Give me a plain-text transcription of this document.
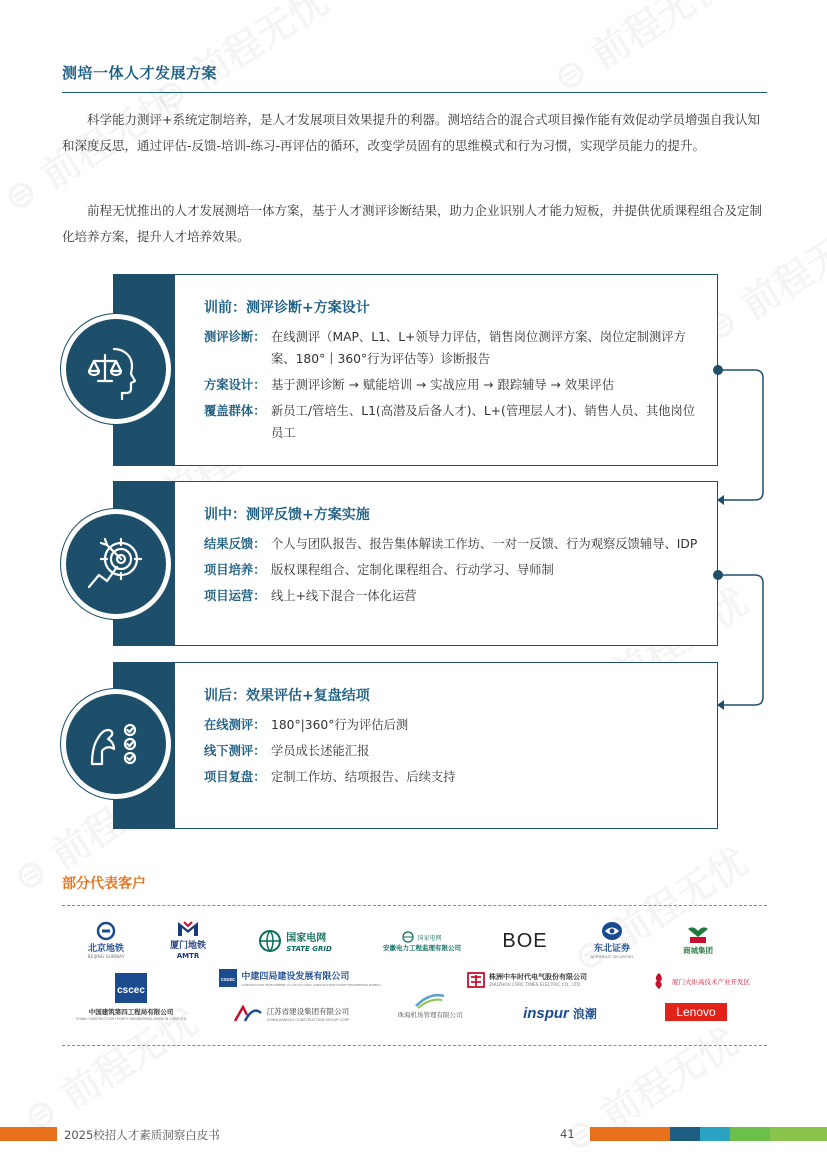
测培一体人才发展方案
科学能力测评+系统定制培养，是人才发展项目效果提升的利器。测培结合的混合式项目操作能有效促动学员增强自我认知和深度反思，通过评估-反馈-培训-练习-再评估的循环，改变学员固有的思维模式和行为习惯，实现学员能力的提升。
前程无忧推出的人才发展测培一体方案，基于人才测评诊断结果，助力企业识别人才能力短板，并提供优质课程组合及定制化培养方案，提升人才培养效果。
训前：测评诊断+方案设计
测评诊断： 在线测评（MAP、L1、L+领导力评估，销售岗位测评方案、岗位定制测评方案、180°丨360°行为评估等）诊断报告
方案设计： 基于测评诊断 → 赋能培训 → 实战应用 → 跟踪辅导 → 效果评估
覆盖群体： 新员工/管培生、L1(高潜及后备人才)、L+(管理层人才)、销售人员、其他岗位员工
训中：测评反馈+方案实施
结果反馈： 个人与团队报告、报告集体解读工作坊、一对一反馈、行为观察反馈辅导、IDP
项目培养： 版权课程组合、定制化课程组合、行动学习、导师制
项目运营： 线上+线下混合一体化运营
训后：效果评估+复盘结项
在线测评： 180°|360°行为评估后测
线下测评： 学员成长述能汇报
项目复盘： 定制工作坊、结项报告、后续支持
部分代表客户
北京地铁
BEIJING SUBWAY
厦门地铁
AMTR
国家电网
STATE GRID
国家电网
安徽电力工程监理有限公司 BOE	东北证券
NORTHEAST SECURITIES
商城集团
cscec
中国建筑第四工程局有限公司
CHINA CONSTRUCTION FOURTH ENGINEERING DIVISION CORP. LTD
cscec 中建四局建设发展有限公司
CONSTRUCTION DEVELOPMENT CO.,LTD OF CHINA CONSTRUCTION FOURTH ENGINEERING BUREAU
江苏省建设集团有限公司
CHINA JIANGSU CONSTRUCTION GROUP CORP
珠海机场管理有限公司
株洲中车时代电气股份有限公司
ZHUZHOU CRRC TIMES ELECTRIC CO., LTD.
inspur 浪潮
厦门火炬高技术产业开发区
Lenovo
2025校招人才素质洞察白皮书	41
